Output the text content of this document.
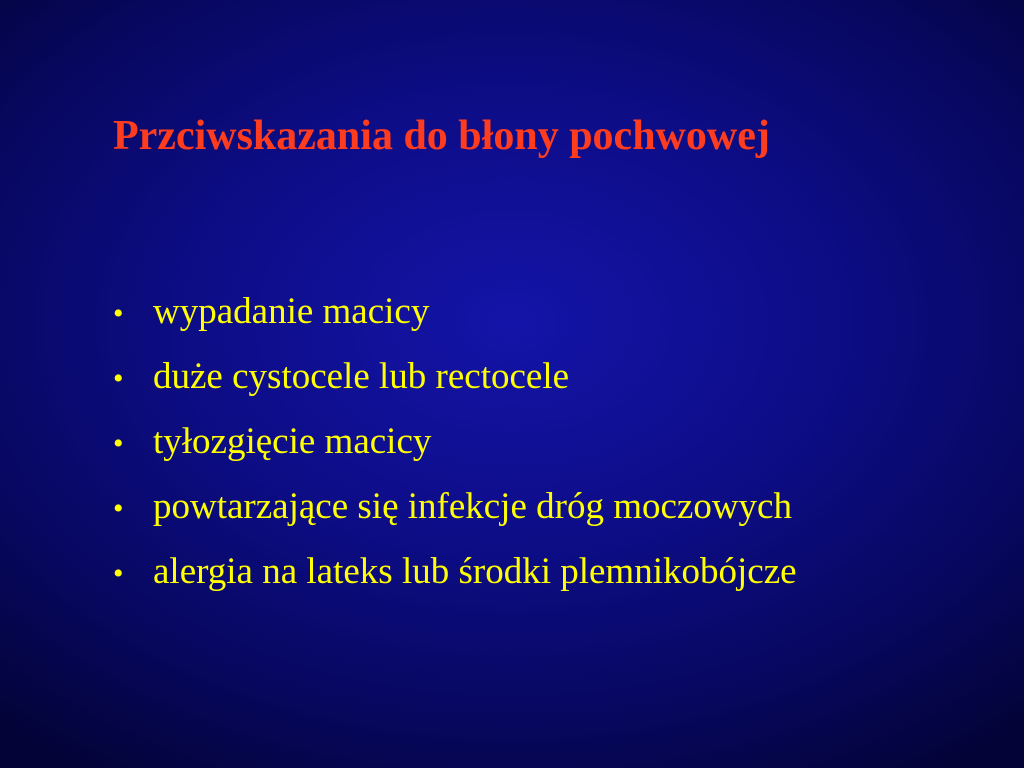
Przciwskazania do błony pochwowej
• wypadanie macicy
• duże cystocele lub rectocele
• tyłozgięcie macicy
• powtarzające się infekcje dróg moczowych
• alergia na lateks lub środki plemnikobójcze
